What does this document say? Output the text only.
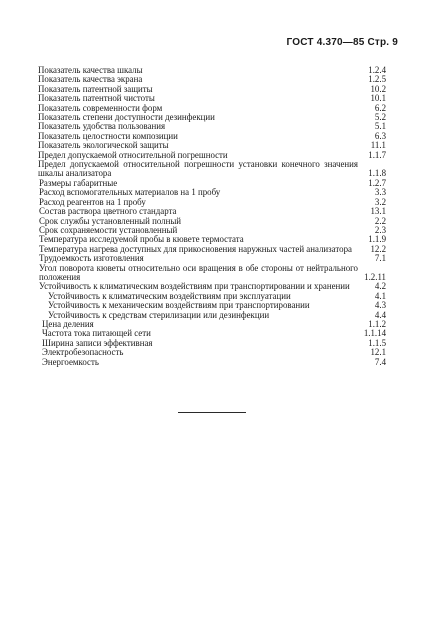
ГОСТ 4.370—85 Стр. 9
Показатель качества шкалы	1.2.4
Показатель качества экрана	1.2.5
Показатель патентной защиты	10.2
Показатель патентной чистоты	10.1
Показатель современности форм	6.2
Показатель степени доступности дезинфекции	5.2
Показатель удобства пользования	5.1
Показатель целостности композиции	6.3
Показатель экологической защиты	11.1
Предел допускаемой относительной погрешности	1.1.7
Предел допускаемой относительной погрешности установки конечного значения шкалы анализатора	1.1.8
Размеры габаритные	1.2.7
Расход вспомогательных материалов на 1 пробу	3.3
Расход реагентов на 1 пробу	3.2
Состав раствора цветного стандарта	13.1
Срок службы установленный полный	2.2
Срок сохраняемости установленный	2.3
Температура исследуемой пробы в кювете термостата	1.1.9
Температура нагрева доступных для прикосновения наружных частей анализатора	12.2
Трудоемкость изготовления	7.1
Угол поворота кюветы относительно оси вращения в обе стороны от нейтрального положения	1.2.11
Устойчивость к климатическим воздействиям при транспортировании и хранении	4.2
Устойчивость к климатическим воздействиям при эксплуатации	4.1
Устойчивость к механическим воздействиям при транспортировании	4.3
Устойчивость к средствам стерилизации или дезинфекции	4.4
Цена деления	1.1.2
Частота тока питающей сети	1.1.14
Ширина записи эффективная	1.1.5
Электробезопасность	12.1
Энергоемкость	7.4
